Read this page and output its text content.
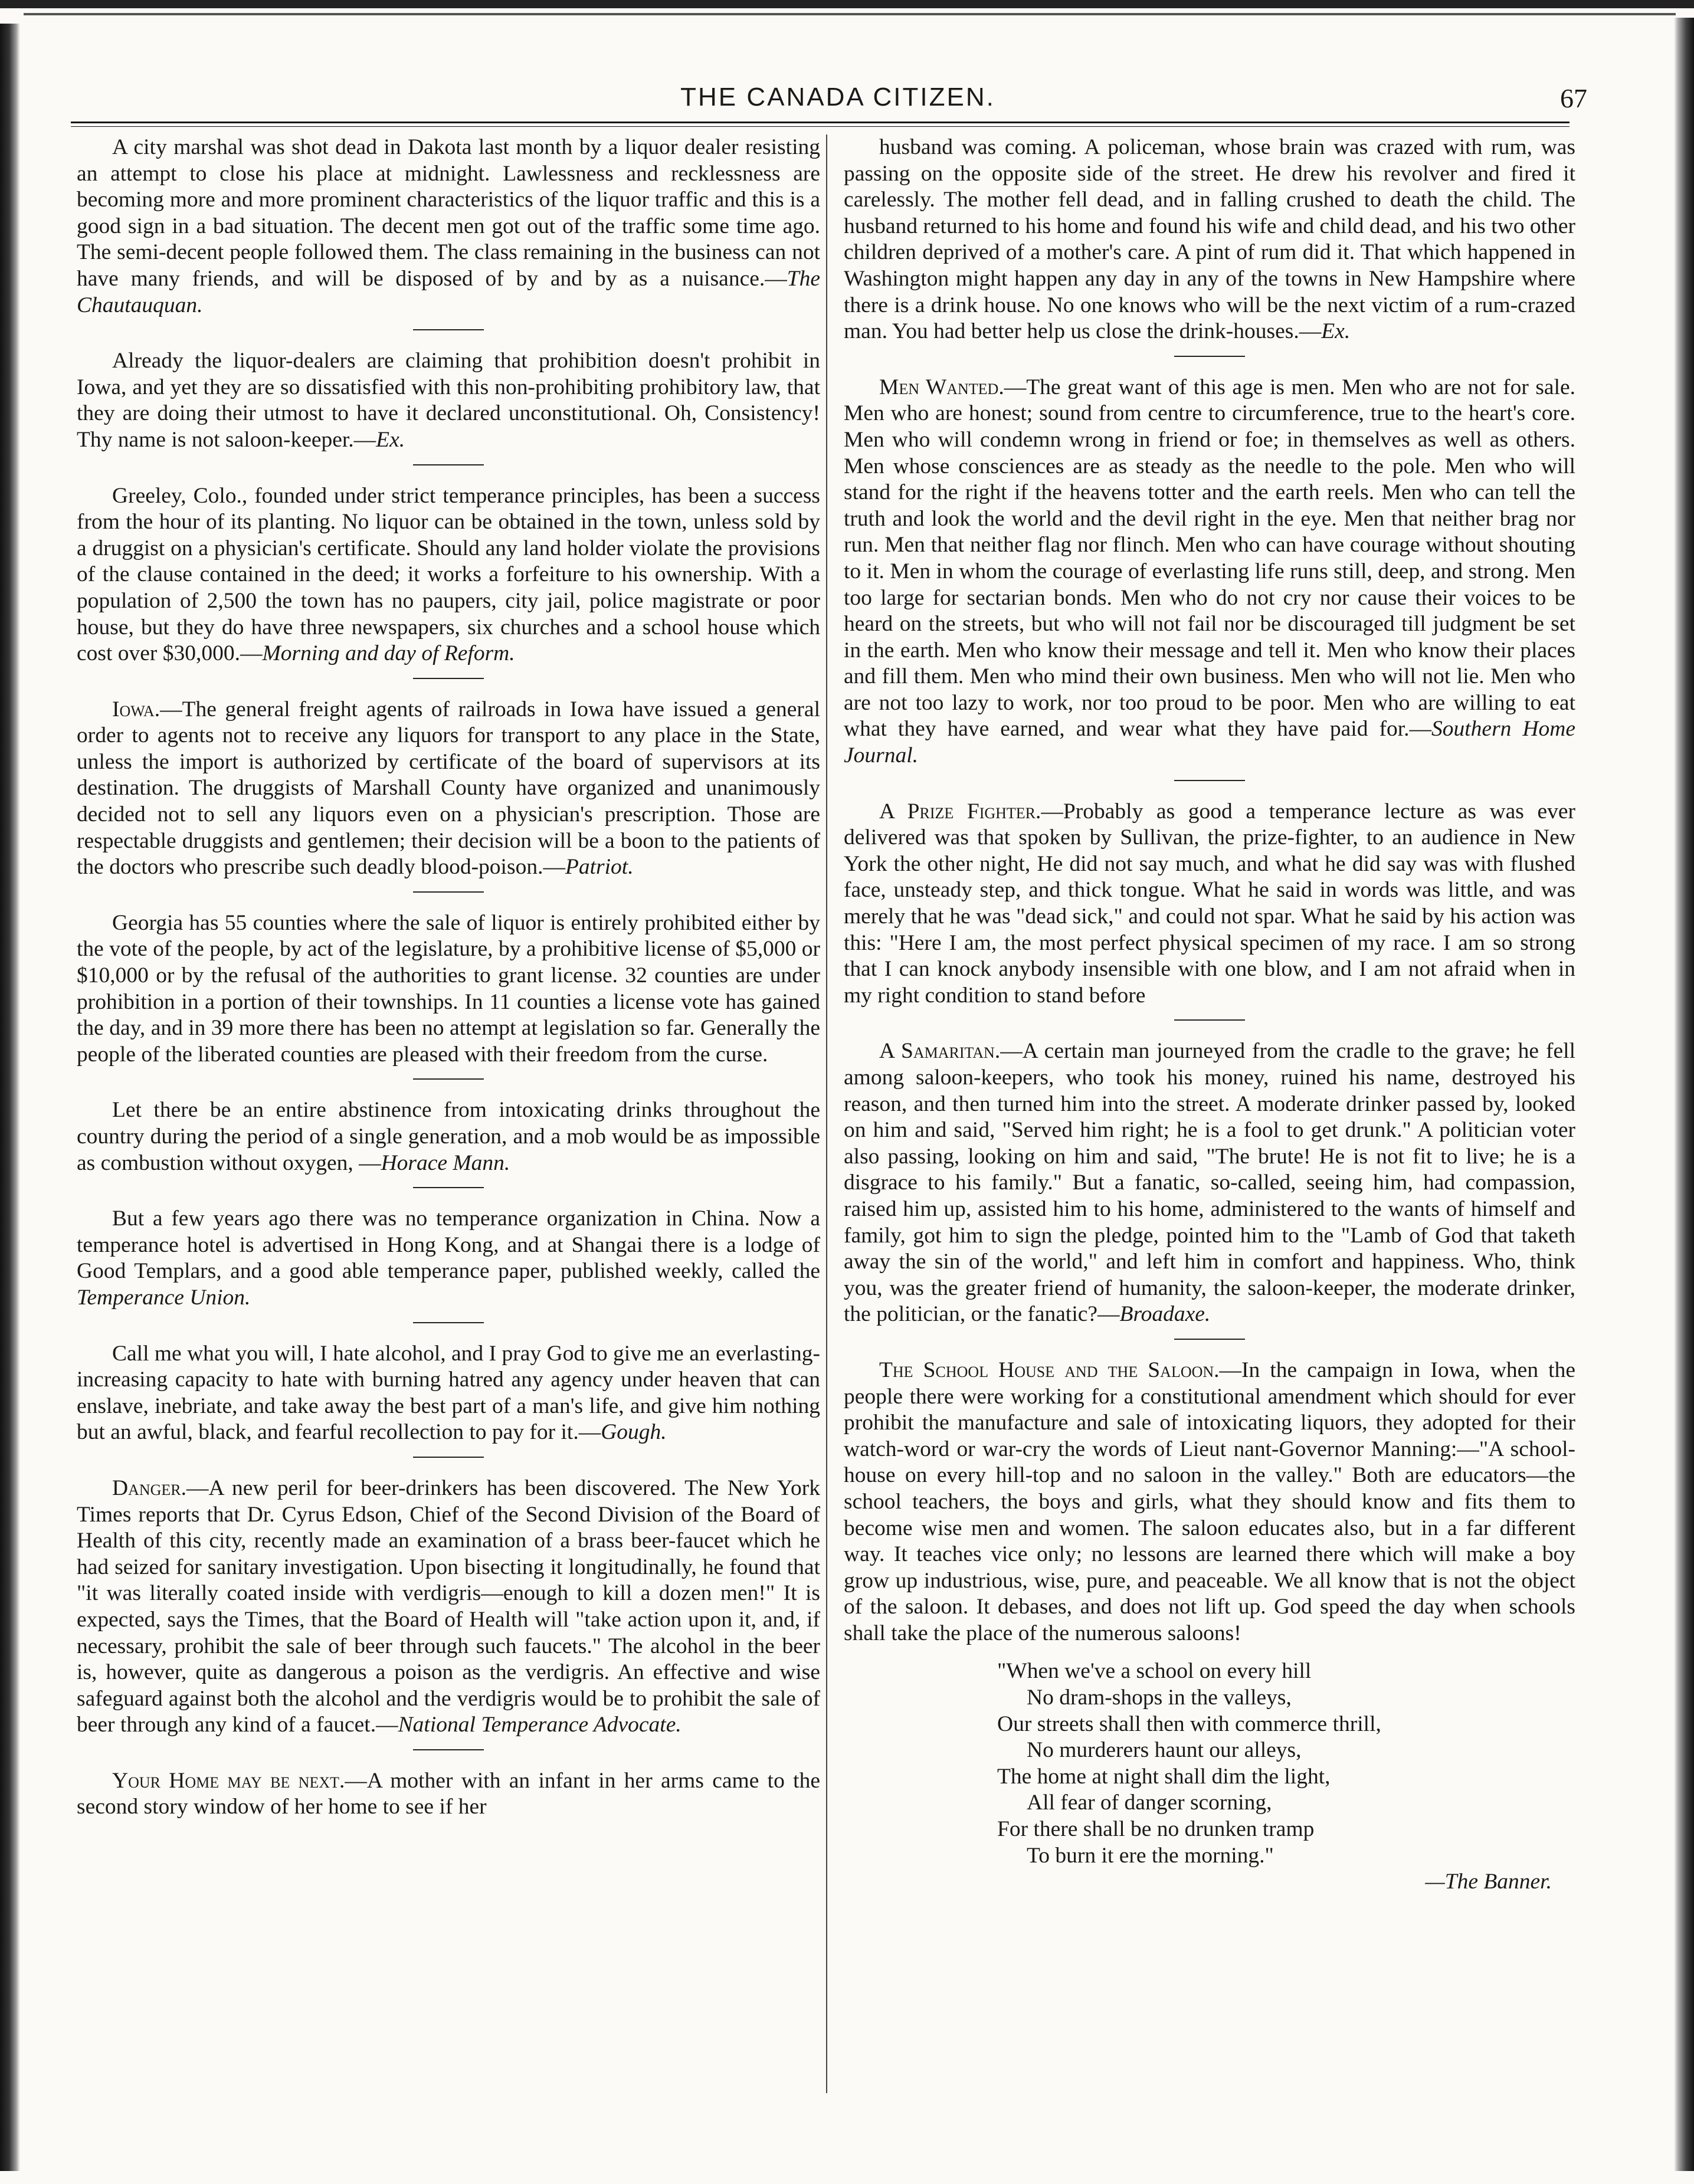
THE CANADA CITIZEN.	67

A city marshal was shot dead in Dakota last month by a liquor dealer resisting an attempt to close his place at midnight. Lawlessness and recklessness are becoming more and more prominent characteristics of the liquor traffic and this is a good sign in a bad situation. The decent men got out of the traffic some time ago. The semi-decent people followed them. The class remaining in the business can not have many friends, and will be disposed of by and by as a nuisance.—The Chautauquan.

Already the liquor-dealers are claiming that prohibition doesn't prohibit in Iowa, and yet they are so dissatisfied with this non-prohibiting prohibitory law, that they are doing their utmost to have it declared unconstitutional. Oh, Consistency! Thy name is not saloon-keeper.—Ex.

Greeley, Colo., founded under strict temperance principles, has been a success from the hour of its planting. No liquor can be obtained in the town, unless sold by a druggist on a physician's certificate. Should any land holder violate the provisions of the clause contained in the deed; it works a forfeiture to his ownership. With a population of 2,500 the town has no paupers, city jail, police magistrate or poor house, but they do have three newspapers, six churches and a school house which cost over $30,000.—Morning and day of Reform.

Iowa.—The general freight agents of railroads in Iowa have issued a general order to agents not to receive any liquors for transport to any place in the State, unless the import is authorized by certificate of the board of supervisors at its destination. The druggists of Marshall County have organized and unanimously decided not to sell any liquors even on a physician's prescription. Those are respectable druggists and gentlemen; their decision will be a boon to the patients of the doctors who prescribe such deadly blood-poison.—Patriot.

Georgia has 55 counties where the sale of liquor is entirely prohibited either by the vote of the people, by act of the legislature, by a prohibitive license of $5,000 or $10,000 or by the refusal of the authorities to grant license. 32 counties are under prohibition in a portion of their townships. In 11 counties a license vote has gained the day, and in 39 more there has been no attempt at legislation so far. Generally the people of the liberated counties are pleased with their freedom from the curse.

Let there be an entire abstinence from intoxicating drinks throughout the country during the period of a single generation, and a mob would be as impossible as combustion without oxygen, —Horace Mann.

But a few years ago there was no temperance organization in China. Now a temperance hotel is advertised in Hong Kong, and at Shangai there is a lodge of Good Templars, and a good able temperance paper, published weekly, called the Temperance Union.

Call me what you will, I hate alcohol, and I pray God to give me an everlasting-increasing capacity to hate with burning hatred any agency under heaven that can enslave, inebriate, and take away the best part of a man's life, and give him nothing but an awful, black, and fearful recollection to pay for it.—Gough.

Danger.—A new peril for beer-drinkers has been discovered. The New York Times reports that Dr. Cyrus Edson, Chief of the Second Division of the Board of Health of this city, recently made an examination of a brass beer-faucet which he had seized for sanitary investigation. Upon bisecting it longitudinally, he found that "it was literally coated inside with verdigris—enough to kill a dozen men!" It is expected, says the Times, that the Board of Health will "take action upon it, and, if necessary, prohibit the sale of beer through such faucets." The alcohol in the beer is, however, quite as dangerous a poison as the verdigris. An effective and wise safeguard against both the alcohol and the verdigris would be to prohibit the sale of beer through any kind of a faucet.—National Temperance Advocate.

Your Home may be next.—A mother with an infant in her arms came to the second story window of her home to see if her

husband was coming. A policeman, whose brain was crazed with rum, was passing on the opposite side of the street. He drew his revolver and fired it carelessly. The mother fell dead, and in falling crushed to death the child. The husband returned to his home and found his wife and child dead, and his two other children deprived of a mother's care. A pint of rum did it. That which happened in Washington might happen any day in any of the towns in New Hampshire where there is a drink house. No one knows who will be the next victim of a rum-crazed man. You had better help us close the drink-houses.—Ex.

Men Wanted.—The great want of this age is men. Men who are not for sale. Men who are honest; sound from centre to circumference, true to the heart's core. Men who will condemn wrong in friend or foe; in themselves as well as others. Men whose consciences are as steady as the needle to the pole. Men who will stand for the right if the heavens totter and the earth reels. Men who can tell the truth and look the world and the devil right in the eye. Men that neither brag nor run. Men that neither flag nor flinch. Men who can have courage without shouting to it. Men in whom the courage of everlasting life runs still, deep, and strong. Men too large for sectarian bonds. Men who do not cry nor cause their voices to be heard on the streets, but who will not fail nor be discouraged till judgment be set in the earth. Men who know their message and tell it. Men who know their places and fill them. Men who mind their own business. Men who will not lie. Men who are not too lazy to work, nor too proud to be poor. Men who are willing to eat what they have earned, and wear what they have paid for.—Southern Home Journal.

A Prize Fighter.—Probably as good a temperance lecture as was ever delivered was that spoken by Sullivan, the prize-fighter, to an audience in New York the other night, He did not say much, and what he did say was with flushed face, unsteady step, and thick tongue. What he said in words was little, and was merely that he was "dead sick," and could not spar. What he said by his action was this: "Here I am, the most perfect physical specimen of my race. I am so strong that I can knock anybody insensible with one blow, and I am not afraid when in my right condition to stand before

A Samaritan.—A certain man journeyed from the cradle to the grave; he fell among saloon-keepers, who took his money, ruined his name, destroyed his reason, and then turned him into the street. A moderate drinker passed by, looked on him and said, "Served him right; he is a fool to get drunk." A politician voter also passing, looking on him and said, "The brute! He is not fit to live; he is a disgrace to his family." But a fanatic, so-called, seeing him, had compassion, raised him up, assisted him to his home, administered to the wants of himself and family, got him to sign the pledge, pointed him to the "Lamb of God that taketh away the sin of the world," and left him in comfort and happiness. Who, think you, was the greater friend of humanity, the saloon-keeper, the moderate drinker, the politician, or the fanatic?—Broadaxe.

The School House and the Saloon.—In the campaign in Iowa, when the people there were working for a constitutional amendment which should for ever prohibit the manufacture and sale of intoxicating liquors, they adopted for their watch-word or war-cry the words of Lieut nant-Governor Manning:—"A school-house on every hill-top and no saloon in the valley." Both are educators—the school teachers, the boys and girls, what they should know and fits them to become wise men and women. The saloon educates also, but in a far different way. It teaches vice only; no lessons are learned there which will make a boy grow up industrious, wise, pure, and peaceable. We all know that is not the object of the saloon. It debases, and does not lift up. God speed the day when schools shall take the place of the numerous saloons!

"When we've a school on every hill
No dram-shops in the valleys,
Our streets shall then with commerce thrill,
No murderers haunt our alleys,
The home at night shall dim the light,
All fear of danger scorning,
For there shall be no drunken tramp
To burn it ere the morning."
—The Banner.
